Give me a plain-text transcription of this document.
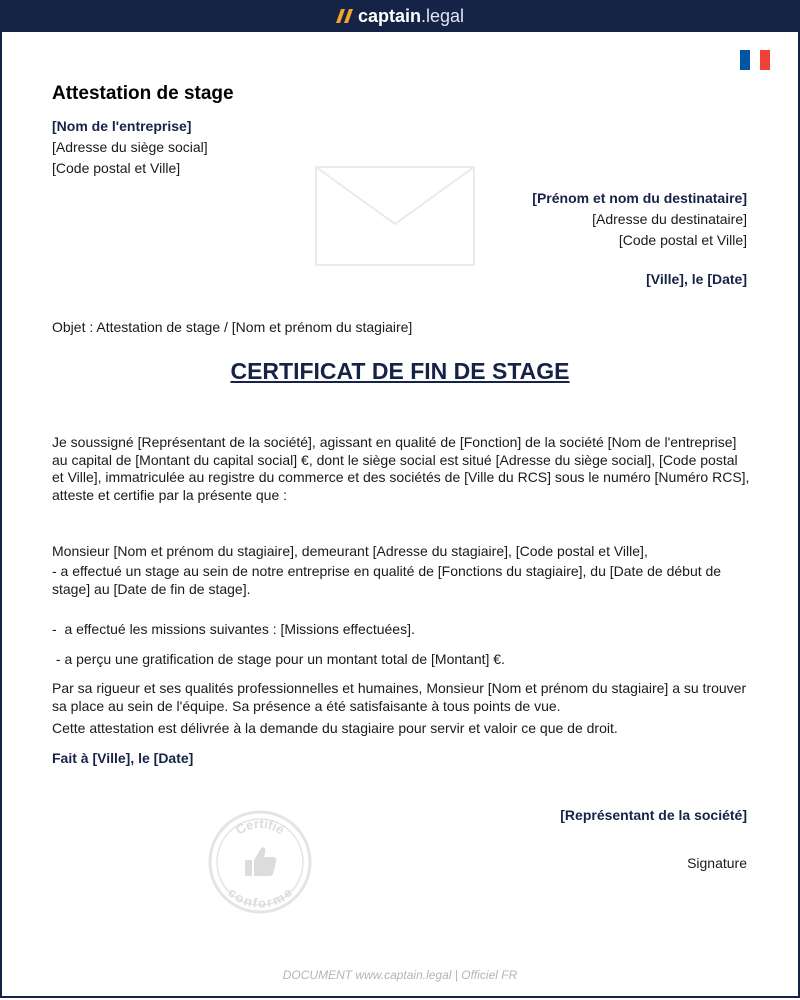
captain .legal
Attestation de stage
[Nom de l'entreprise]
[Adresse du siège social]
[Code postal et Ville]
[Prénom et nom du destinataire]
[Adresse du destinataire]
[Code postal et Ville]
[Ville], le [Date]
Objet : Attestation de stage / [Nom et prénom du stagiaire]
CERTIFICAT DE FIN DE STAGE
Je soussigné [Représentant de la société], agissant en qualité de [Fonction] de la société [Nom de l'entreprise] au capital de [Montant du capital social] €, dont le siège social est situé [Adresse du siège social], [Code postal et Ville], immatriculée au registre du commerce et des sociétés de [Ville du RCS] sous le numéro [Numéro RCS], atteste et certifie par la présente que :
Monsieur [Nom et prénom du stagiaire], demeurant [Adresse du stagiaire], [Code postal et Ville],
- a effectué un stage au sein de notre entreprise en qualité de [Fonctions du stagiaire], du [Date de début de stage] au [Date de fin de stage].
-  a effectué les missions suivantes : [Missions effectuées].
- a perçu une gratification de stage pour un montant total de [Montant] €.
Par sa rigueur et ses qualités professionnelles et humaines, Monsieur [Nom et prénom du stagiaire] a su trouver sa place au sein de l'équipe. Sa présence a été satisfaisante à tous points de vue.
Cette attestation est délivrée à la demande du stagiaire pour servir et valoir ce que de droit.
Fait à [Ville], le [Date]
[Représentant de la société]
Signature
Certifié
conforme
DOCUMENT www.captain.legal | Officiel FR
